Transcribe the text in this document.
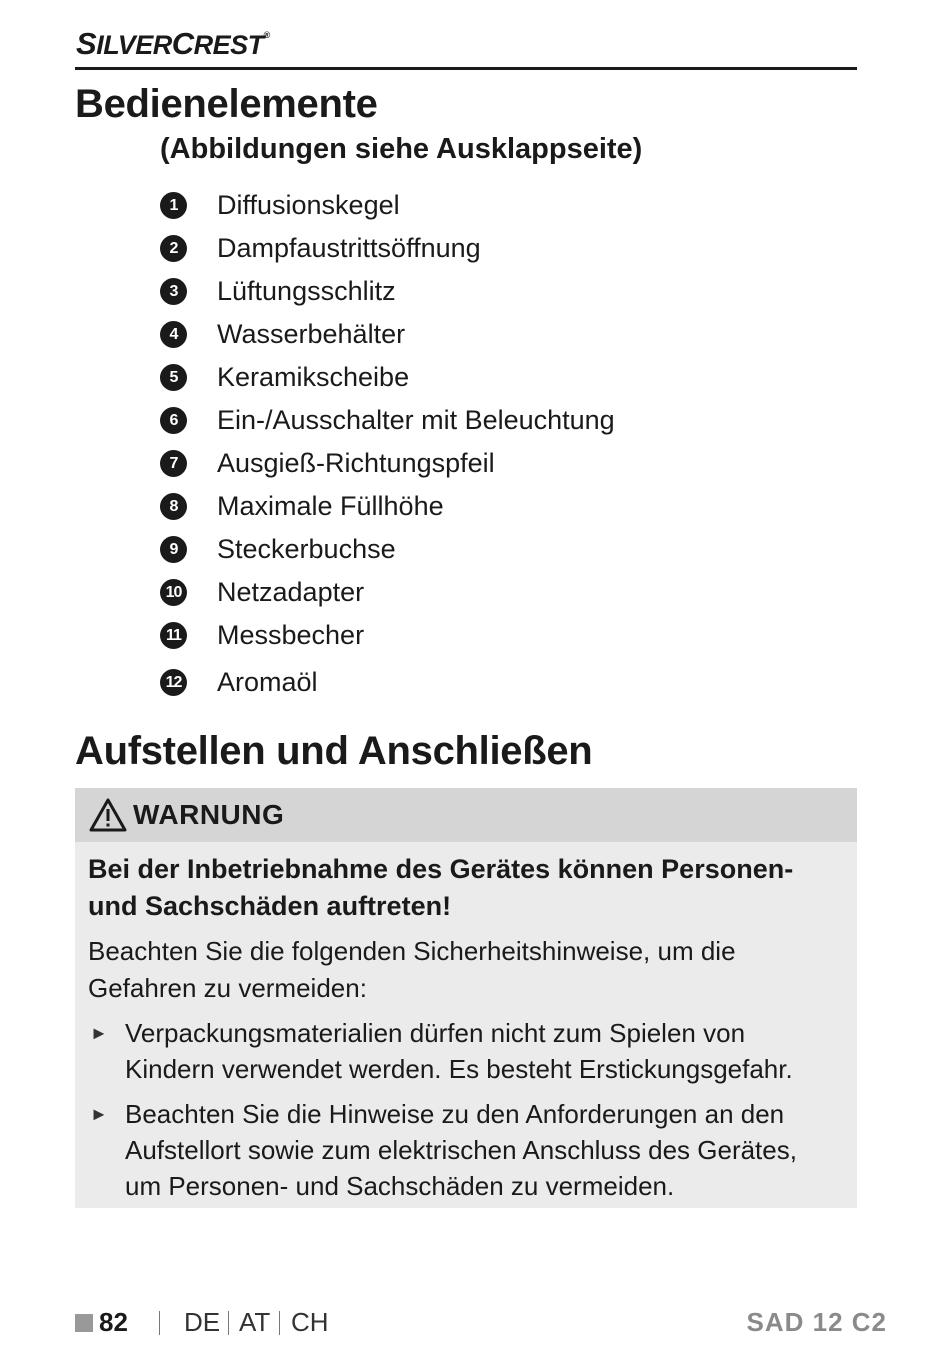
SILVERCREST®
Bedienelemente

(Abbildungen siehe Ausklappseite)

1	Diffusionskegel
2	Dampfaustrittsöffnung
3	Lüftungsschlitz
4	Wasserbehälter
5	Keramikscheibe
6	Ein-/Ausschalter mit Beleuchtung
7	Ausgieß-Richtungspfeil
8	Maximale Füllhöhe
9	Steckerbuchse
10 Netzadapter
11 Messbecher
12 Aromaöl
Aufstellen und Anschließen
WARNUNG

Bei der Inbetriebnahme des Gerätes können Personen- und Sachschäden auftreten!

Beachten Sie die folgenden Sicherheitshinweise, um die Gefahren zu vermeiden:

► Verpackungsmaterialien dürfen nicht zum Spielen von Kindern verwendet werden. Es besteht Erstickungsgefahr.
► Beachten Sie die Hinweise zu den Anforderungen an den Aufstellort sowie zum elektrischen Anschluss des Gerätes, um Personen- und Sachschäden zu vermeiden.
82 DE AT CH	SAD 12 C2
